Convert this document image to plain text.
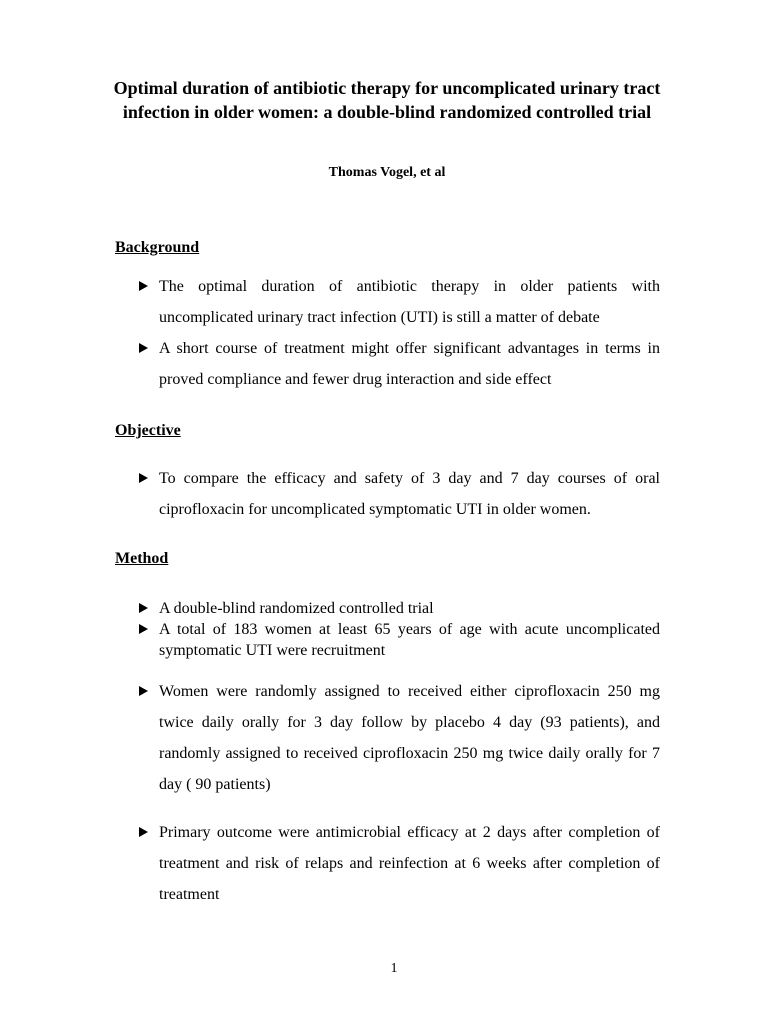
Optimal duration of antibiotic therapy for uncomplicated urinary tract infection in older women: a double-blind randomized controlled trial
Thomas Vogel, et al
Background
The optimal duration of antibiotic therapy in older patients with uncomplicated urinary tract infection (UTI) is still a matter of debate
A short course of treatment might offer significant advantages in terms in proved compliance and fewer drug interaction and side effect
Objective
To compare the efficacy and safety of 3 day and 7 day courses of oral ciprofloxacin for uncomplicated symptomatic UTI in older women.
Method
A double-blind randomized controlled trial
A total of 183 women at least 65 years of age with acute uncomplicated symptomatic UTI were recruitment
Women were randomly assigned to received either ciprofloxacin 250 mg twice daily orally for 3 day follow by placebo 4 day (93 patients), and randomly assigned to received ciprofloxacin 250 mg twice daily orally for 7 day ( 90 patients)
Primary outcome were antimicrobial efficacy at 2 days after completion of treatment and risk of relaps and reinfection at 6 weeks after completion of treatment
1
